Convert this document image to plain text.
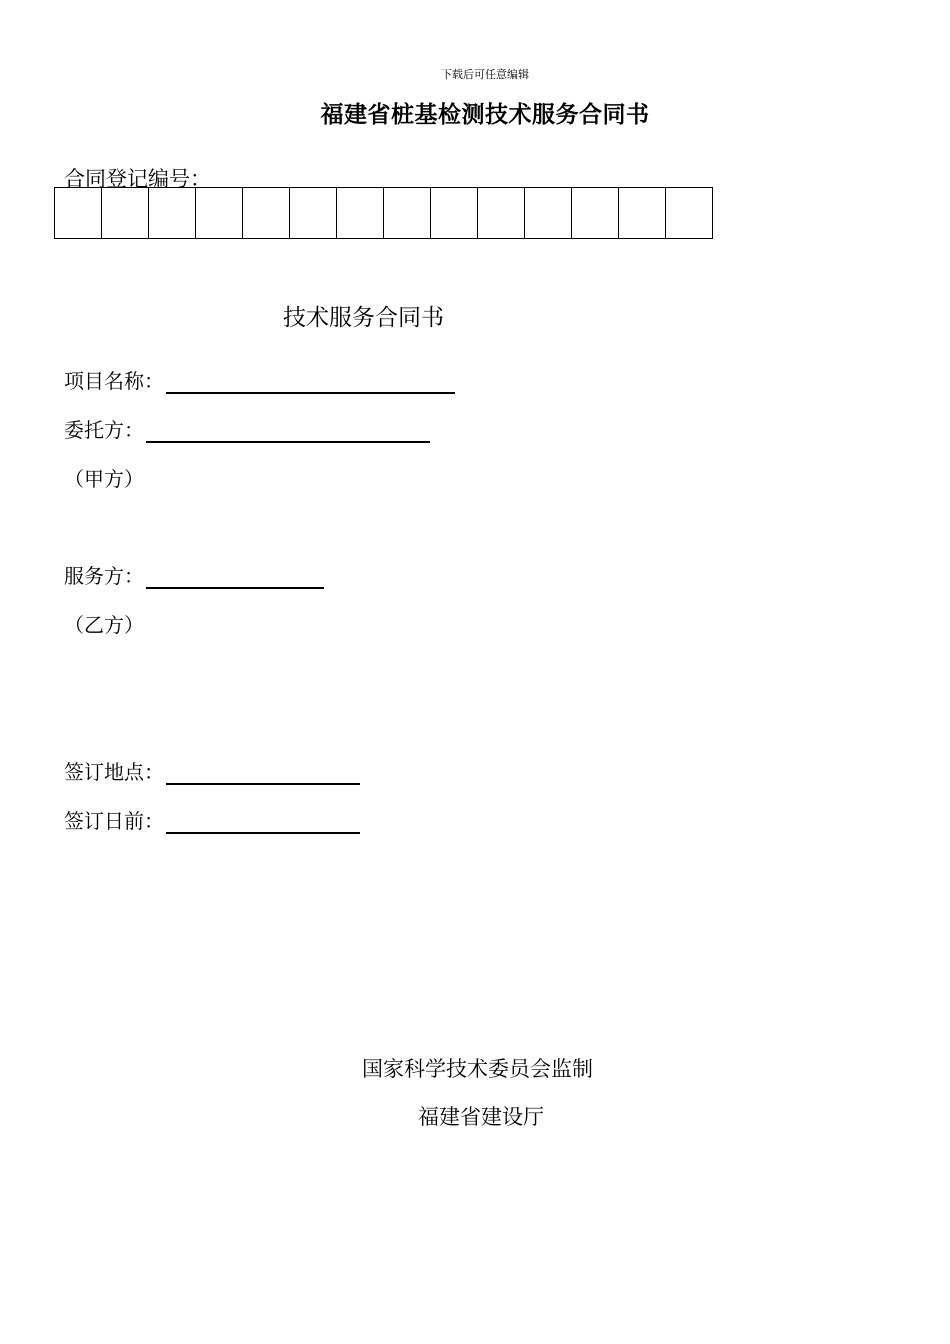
下载后可任意编辑
福建省桩基检测技术服务合同书
合同登记编号：

技术服务合同书
项目名称：
委托方：
（甲方）
服务方：
（乙方）
签订地点：
签订日前：
国家科学技术委员会监制
福建省建设厅
